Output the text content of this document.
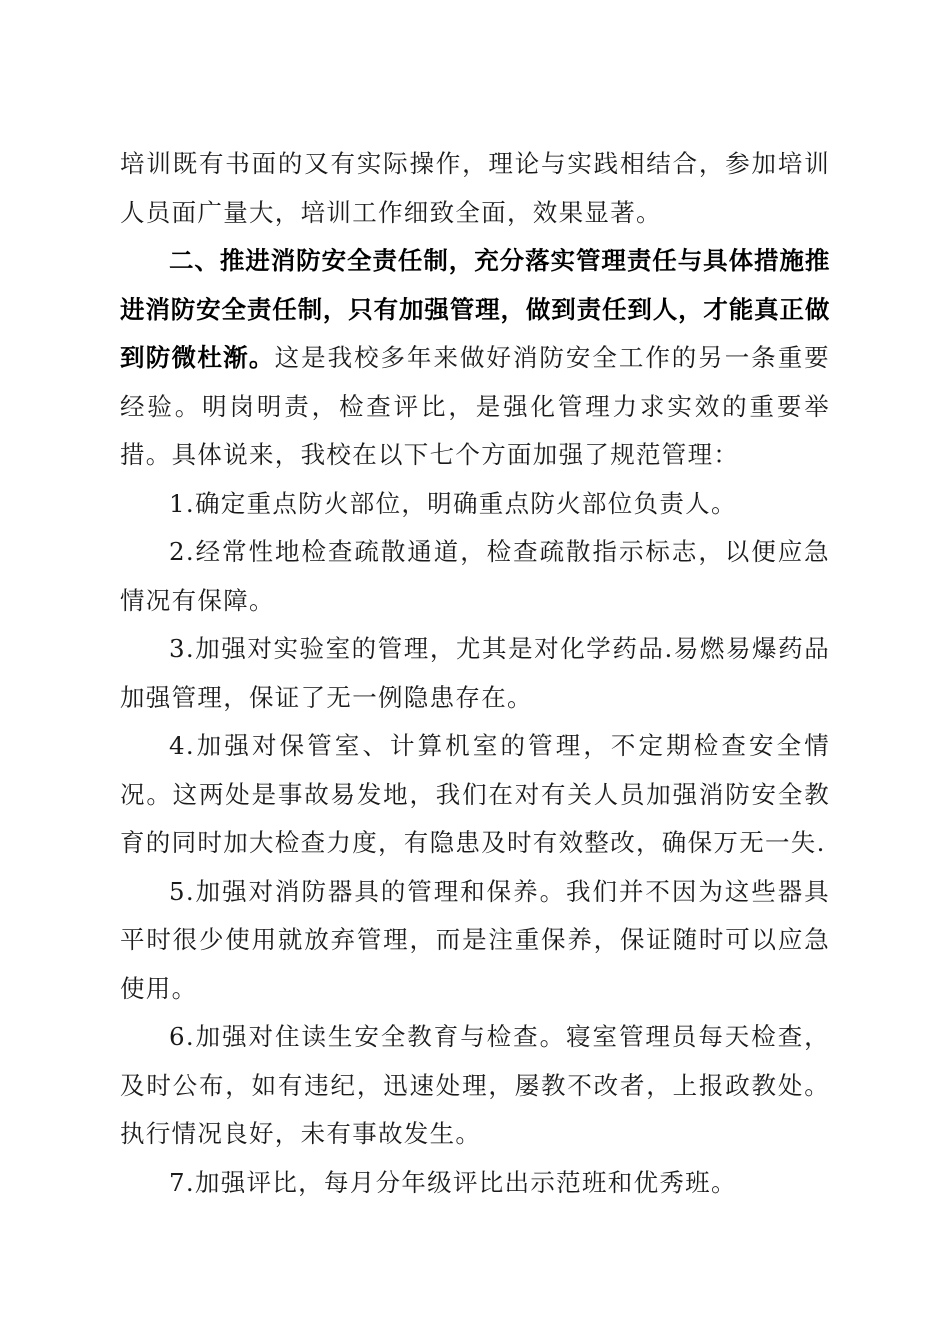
培训既有书面的又有实际操作，理论与实践相结合，参加培训人员面广量大，培训工作细致全面，效果显著。

二、推进消防安全责任制，充分落实管理责任与具体措施推进消防安全责任制，只有加强管理，做到责任到人，才能真正做到防微杜渐。这是我校多年来做好消防安全工作的另一条重要经验。明岗明责，检查评比，是强化管理力求实效的重要举措。具体说来，我校在以下七个方面加强了规范管理：

1.确定重点防火部位，明确重点防火部位负责人。

2.经常性地检查疏散通道，检查疏散指示标志，以便应急情况有保障。

3.加强对实验室的管理，尤其是对化学药品.易燃易爆药品加强管理，保证了无一例隐患存在。

4.加强对保管室、计算机室的管理，不定期检查安全情况。这两处是事故易发地，我们在对有关人员加强消防安全教育的同时加大检查力度，有隐患及时有效整改，确保万无一失.

5.加强对消防器具的管理和保养。我们并不因为这些器具平时很少使用就放弃管理，而是注重保养，保证随时可以应急使用。

6.加强对住读生安全教育与检查。寝室管理员每天检查，及时公布，如有违纪，迅速处理，屡教不改者，上报政教处。执行情况良好，未有事故发生。

7.加强评比，每月分年级评比出示范班和优秀班。
